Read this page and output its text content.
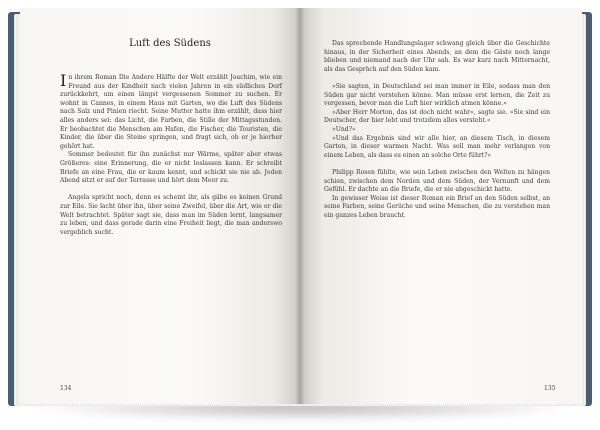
Luft des Südens

In ihrem Roman Die Andere Hälfte der Welt erzählt Joachim, wie ein Freund aus der Kindheit nach vielen Jahren in ein südliches Dorf zurückkehrt, um einen längst vergessenen Sommer zu suchen. Er wohnt in Cannes, in einem Haus mit Garten, wo die Luft des Südens nach Salz und Pinien riecht. Seine Mutter hatte ihm erzählt, dass hier alles anders sei: das Licht, die Farben, die Stille der Mittagsstunden. Er beobachtet die Menschen am Hafen, die Fischer, die Touristen, die Kinder, die über die Steine springen, und fragt sich, ob er je hierher gehört hat.

Sommer bedeutet für ihn zunächst nur Wärme, später aber etwas Größeres: eine Erinnerung, die er nicht loslassen kann. Er schreibt Briefe an eine Frau, die er kaum kennt, und schickt sie nie ab. Jeden Abend sitzt er auf der Terrasse und hört dem Meer zu.

Angela spricht noch, denn es scheint ihr, als gäbe es keinen Grund zur Eile. Sie lacht über ihn, über seine Zweifel, über die Art, wie er die Welt betrachtet. Später sagt sie, dass man im Süden lernt, langsamer zu leben, und dass gerade darin eine Freiheit liegt, die man anderswo vergeblich sucht.

134

Das sprechende Handlungslager schwang gleich über die Geschichte hinaus, in der Sicherheit eines Abends, an dem die Gäste noch lange blieben und niemand nach der Uhr sah. Es war kurz nach Mitternacht, als das Gespräch auf den Süden kam.

»Sie sagten, in Deutschland sei man immer in Eile, sodass man den Süden gar nicht verstehen könne. Man müsse erst lernen, die Zeit zu vergessen, bevor man die Luft hier wirklich atmen könne.«

»Aber Herr Morton, das ist doch nicht wahr«, sagte sie. »Sie sind ein Deutscher, der hier lebt und trotzdem alles versteht.«

»Und?«

»Und das Ergebnis sind wir alle hier, an diesem Tisch, in diesem Garten, in dieser warmen Nacht. Was soll man mehr verlangen von einem Leben, als dass es einen an solche Orte führt?«

Philipp Rosen fühlte, wie sein Leben zwischen den Welten zu hängen schien, zwischen dem Norden und dem Süden, der Vernunft und dem Gefühl. Er dachte an die Briefe, die er nie abgeschickt hatte.

In gewisser Weise ist dieser Roman ein Brief an den Süden selbst, an seine Farben, seine Gerüche und seine Menschen, die zu verstehen man ein ganzes Leben braucht.

135
